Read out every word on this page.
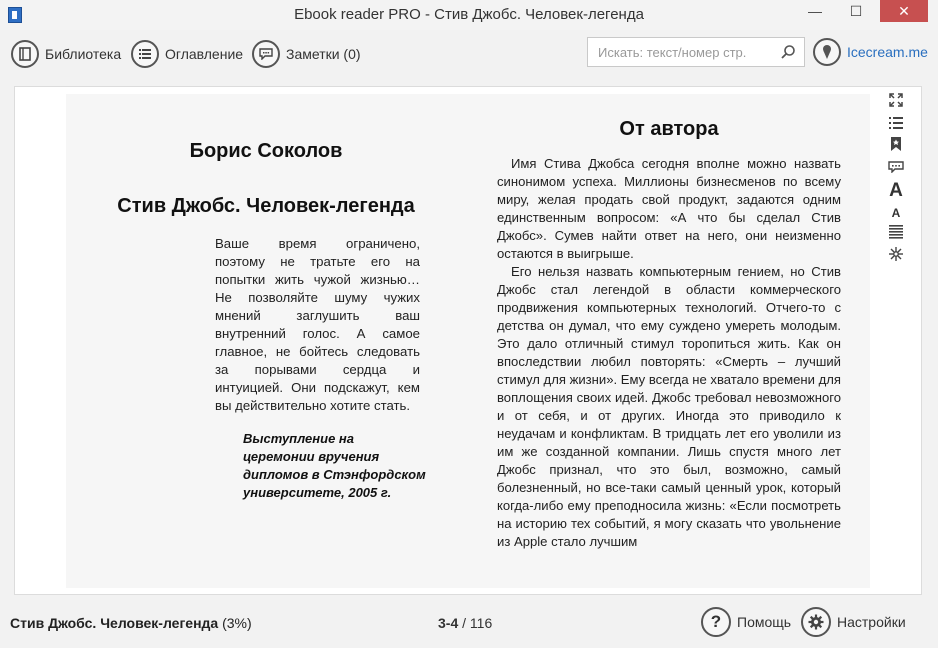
Ebook reader PRO - Стив Джобс. Человек-легенда	—	☐	✕
Библиотека	Оглавление	Заметки (0)	Искать: текст/номер стр.	Icecream.me
Борис Соколов
Стив Джобс. Человек-легенда
Ваше время ограничено, поэтому не тратьте его на попытки жить чужой жизнью… Не позволяйте шуму чужих мнений заглушить ваш внутренний голос. А самое главное, не бойтесь следовать за порывами сердца и интуицией. Они подскажут, кем вы действительно хотите стать.
Выступление на церемонии вручения дипломов в Стэнфордском университете, 2005 г.
От автора

Имя Стива Джобса сегодня вполне можно назвать синонимом успеха. Миллионы бизнесменов по всему миру, желая продать свой продукт, задаются одним единственным вопросом: «А что бы сделал Стив Джобс». Сумев найти ответ на него, они неизменно остаются в выигрыше.

Его нельзя назвать компьютерным гением, но Стив Джобс стал легендой в области коммерческого продвижения компьютерных технологий. Отчего-то с детства он думал, что ему суждено умереть молодым. Это дало отличный стимул торопиться жить. Как он впоследствии любил повторять: «Смерть – лучший стимул для жизни». Ему всегда не хватало времени для воплощения своих идей. Джобс требовал невозможного и от себя, и от других. Иногда это приводило к неудачам и конфликтам. В тридцать лет его уволили из им же созданной компании. Лишь спустя много лет Джобс признал, что это был, возможно, самый болезненный, но все-таки самый ценный урок, который когда-либо ему преподносила жизнь: «Если посмотреть на историю тех событий, я могу сказать что увольнение из Apple стало лучшим

A
A
Стив Джобс. Человек-легенда (3%)	3-4 / 116	?	Помощь	Настройки
